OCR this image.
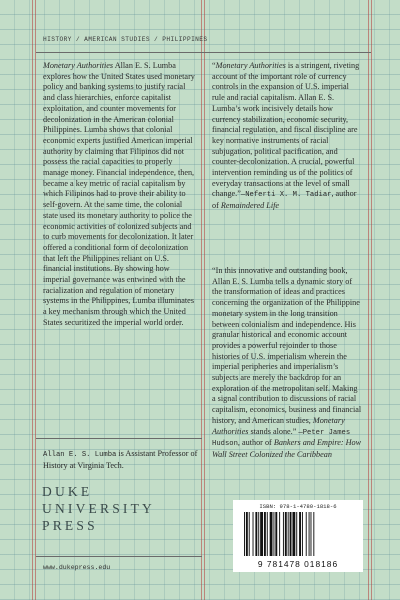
HISTORY / AMERICAN STUDIES / PHILIPPINES
Monetary Authorities Allan E. S. Lumba explores how the United States used monetary policy and banking systems to justify racial and class hierarchies, enforce capitalist exploitation, and counter movements for decolonization in the American colonial Philippines. Lumba shows that colonial economic experts justified American imperial authority by claiming that Filipinos did not possess the racial capacities to properly manage money. Financial independence, then, became a key metric of racial capitalism by which Filipinos had to prove their ability to self-govern. At the same time, the colonial state used its monetary authority to police the economic activities of colonized subjects and to curb movements for decolonization. It later offered a conditional form of decolonization that left the Philippines reliant on U.S. financial institutions. By showing how imperial governance was entwined with the racialization and regulation of monetary systems in the Philippines, Lumba illuminates a key mechanism through which the United States securitized the imperial world order.
Allan E. S. Lumba is Assistant Professor of History at Virginia Tech.
DUKE
UNIVERSITY
PRESS
www.dukepress.edu
“Monetary Authorities is a stringent, riveting account of the important role of currency controls in the expansion of U.S. imperial rule and racial capitalism. Allan E. S. Lumba’s work incisively details how currency stabilization, economic security, financial regulation, and fiscal discipline are key normative instruments of racial subjugation, political pacification, and counter-decolonization. A crucial, powerful intervention reminding us of the politics of everyday transactions at the level of small change.”—Neferti X. M. Tadiar, author of Remaindered Life
“In this innovative and outstanding book, Allan E. S. Lumba tells a dynamic story of the transformation of ideas and practices concerning the organization of the Philippine monetary system in the long transition between colonialism and independence. His granular historical and economic account provides a powerful rejoinder to those histories of U.S. imperialism wherein the imperial peripheries and imperialism’s subjects are merely the backdrop for an exploration of the metropolitan self. Making a signal contribution to discussions of racial capitalism, economics, business and financial history, and American studies, Monetary Authorities stands alone.” —Peter James Hudson, author of Bankers and Empire: How Wall Street Colonized the Caribbean
ISBN: 978-1-4780-1818-6
9 781478 018186
